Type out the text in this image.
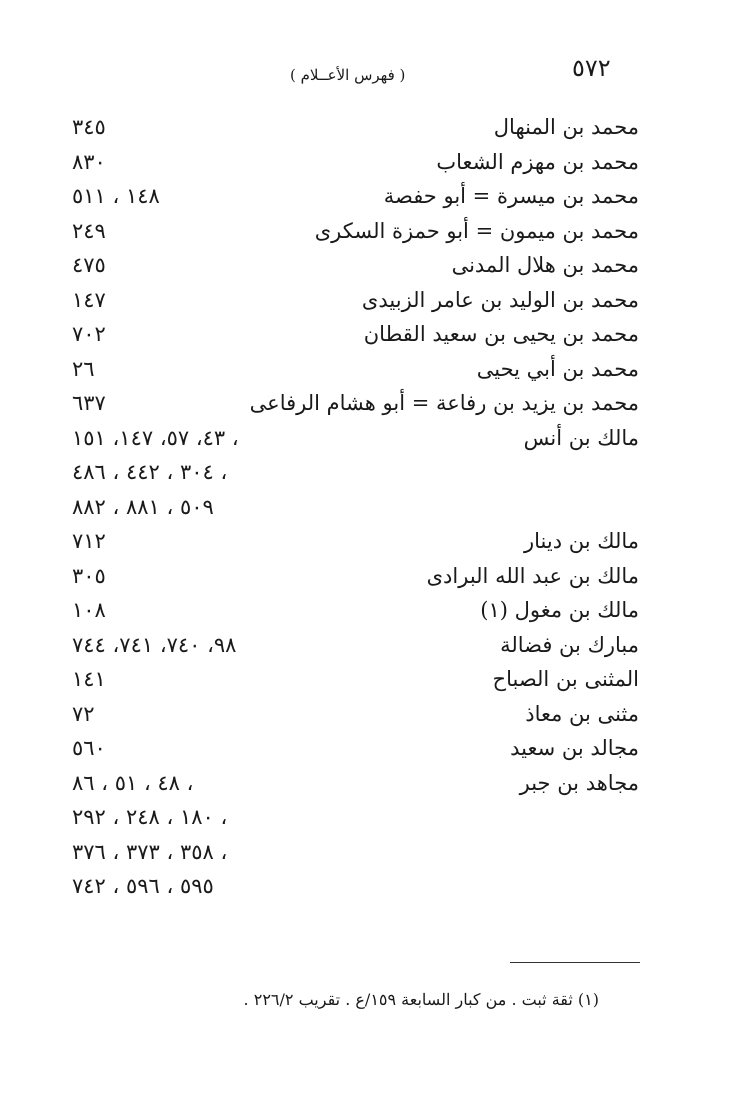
٥٧٢
( فهرس الأعــلام )
محمد بن المنهال
٣٤٥
محمد بن مهزم الشعاب
٨٣٠
محمد بن ميسرة = أبو حفصة
١٤٨ ، ٥١١
محمد بن ميمون = أبو حمزة السكرى
٢٤٩
محمد بن هلال المدنى
٤٧٥
محمد بن الوليد بن عامر الزبيدى
١٤٧
محمد بن يحيى بن سعيد القطان
٧٠٢
محمد بن أبي يحيى
٢٦
محمد بن يزيد بن رفاعة = أبو هشام الرفاعى
٦٣٧
مالك بن أنس
٤٣، ٥٧، ١٤٧، ١٥١ ،
٣٠٤ ، ٤٤٢ ، ٤٨٦ ،
٥٠٩ ، ٨٨١ ، ٨٨٢
مالك بن دينار
٧١٢
مالك بن عبد الله البرادى
٣٠٥
مالك بن مغول (١)
١٠٨
مبارك بن فضالة
٩٨، ٧٤٠، ٧٤١، ٧٤٤
المثنى بن الصباح
١٤١
مثنى بن معاذ
٧٢
مجالد بن سعيد
٥٦٠
مجاهد بن جبر
٤٨ ، ٥١ ، ٨٦ ،
١٨٠ ، ٢٤٨ ، ٢٩٢ ،
٣٥٨ ، ٣٧٣ ، ٣٧٦ ،
٥٩٥ ، ٥٩٦ ، ٧٤٢
(١) ثقة ثبت . من كبار السابعة ١٥٩/ع . تقريب ٢٢٦/٢ .
